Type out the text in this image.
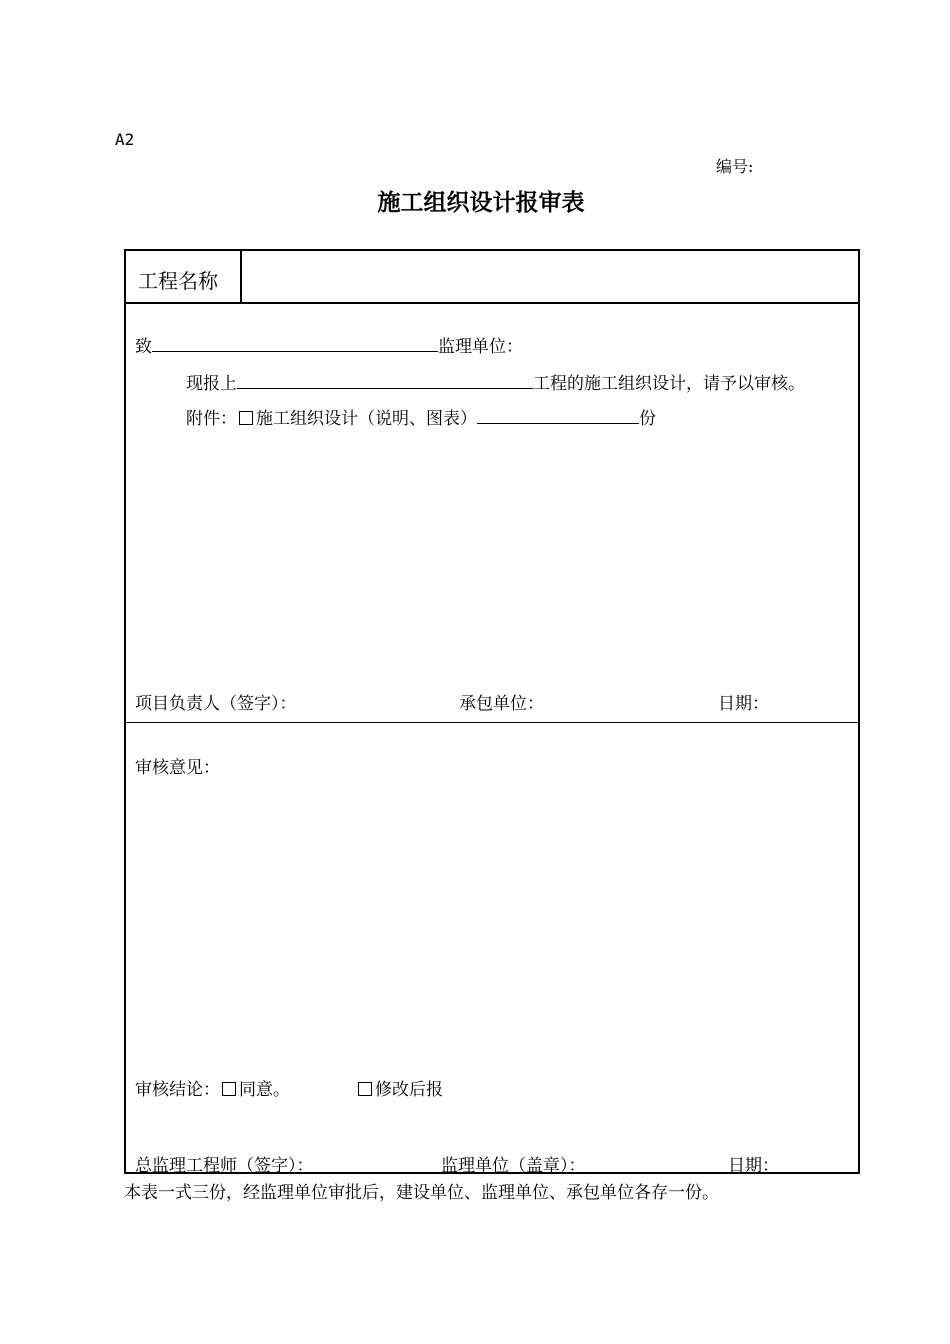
A2
编号:
施工组织设计报审表
工程名称
致	监理单位：
现报上	工程的施工组织设计，请予以审核。
附件： 施工组织设计（说明、图表）	份
项目负责人（签字）：	承包单位：	日期：
审核意见：
审核结论： 同意。	修改后报
总监理工程师（签字）：	监理单位（盖章）：	日期：
本表一式三份，经监理单位审批后，建设单位、监理单位、承包单位各存一份。
